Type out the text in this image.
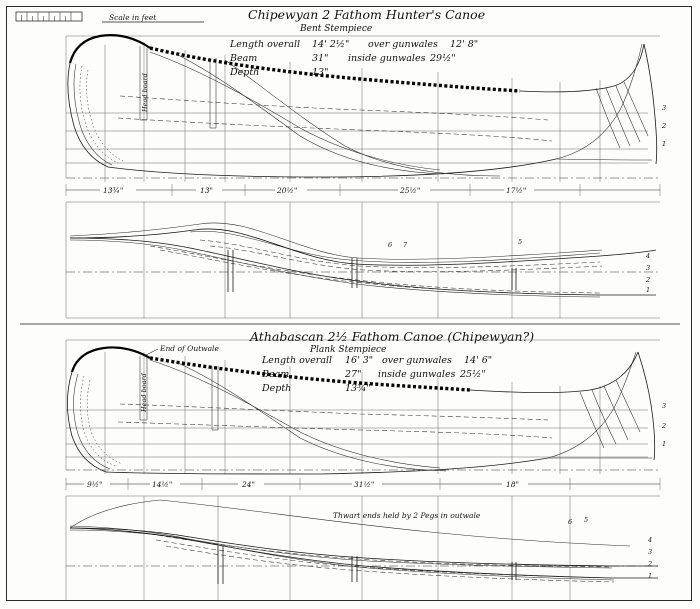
Scale in feet	Chipewyan 2 Fathom Hunter's Canoe
Bent Stempiece
Length overall 14' 2½" over gunwales 12' 8"
Beam	31" inside gunwales 29½"
Depth	13"
3
2
1
Head board
13¾"	13"	20½"	25½"	17½"
6 7	5
4
3
2
1
Athabascan 2½ Fathom Canoe (Chipewyan?)
Plank Stempiece
Length overall 16' 3" over gunwales 14' 6"
Beam	27" inside gunwales 25½"
Depth	13¾"
3
2
1
End of Outwale
Head board
9½"	14½"	24"	31½"	18"
Thwart ends held by 2 Pegs in outwale
6 5
4
3
2
1
